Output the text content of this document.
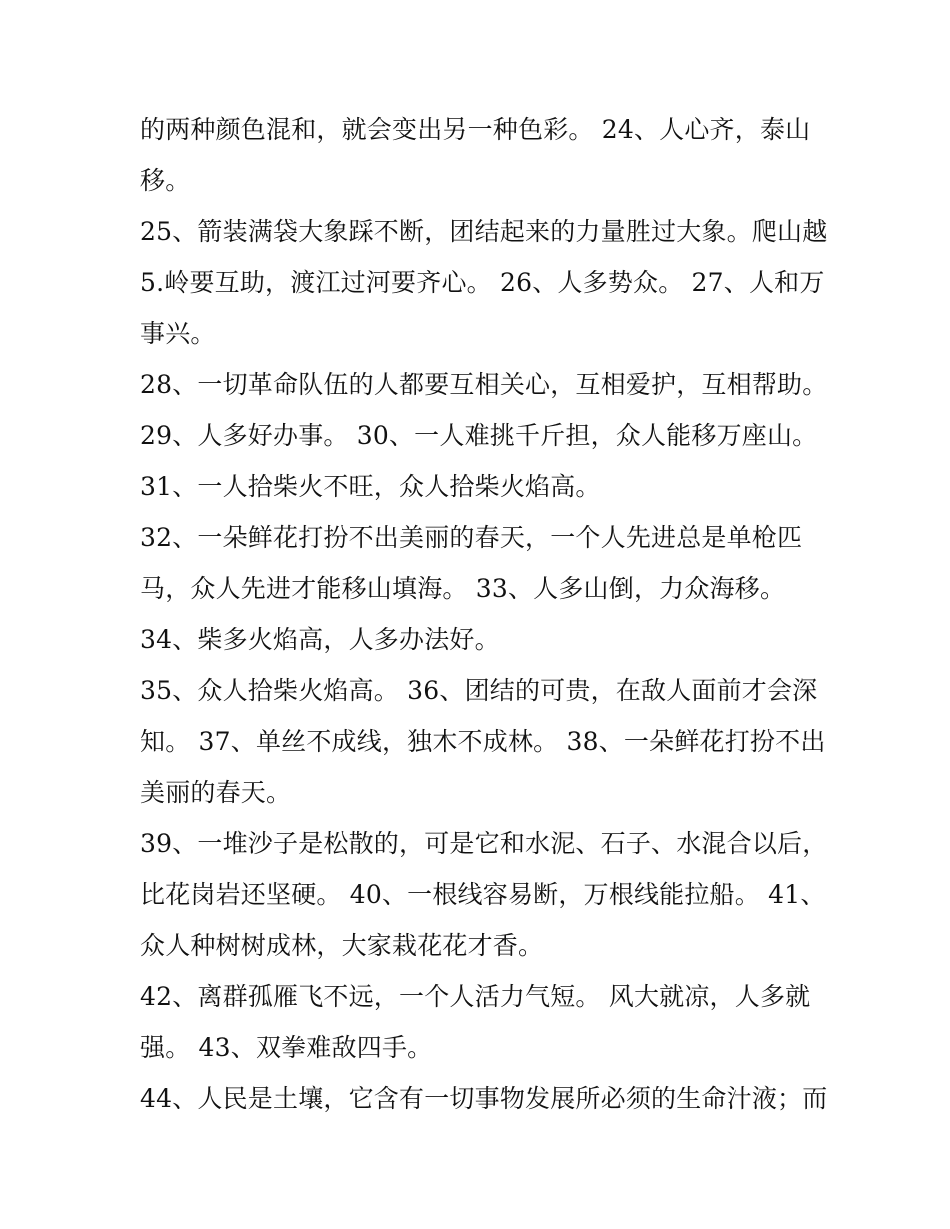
的两种颜色混和，就会变出另一种色彩。 24、人心齐，泰山
移。
25、箭装满袋大象踩不断，团结起来的力量胜过大象。爬山越
5.岭要互助，渡江过河要齐心。 26、人多势众。 27、人和万
事兴。
28、一切革命队伍的人都要互相关心，互相爱护，互相帮助。
29、人多好办事。 30、一人难挑千斤担，众人能移万座山。
31、一人拾柴火不旺，众人拾柴火焰高。
32、一朵鲜花打扮不出美丽的春天，一个人先进总是单枪匹
马，众人先进才能移山填海。 33、人多山倒，力众海移。
34、柴多火焰高，人多办法好。
35、众人拾柴火焰高。 36、团结的可贵，在敌人面前才会深
知。 37、单丝不成线，独木不成林。 38、一朵鲜花打扮不出
美丽的春天。
39、一堆沙子是松散的，可是它和水泥、石子、水混合以后，
比花岗岩还坚硬。 40、一根线容易断，万根线能拉船。 41、
众人种树树成林，大家栽花花才香。
42、离群孤雁飞不远，一个人活力气短。 风大就凉，人多就
强。 43、双拳难敌四手。
44、人民是土壤，它含有一切事物发展所必须的生命汁液；而
